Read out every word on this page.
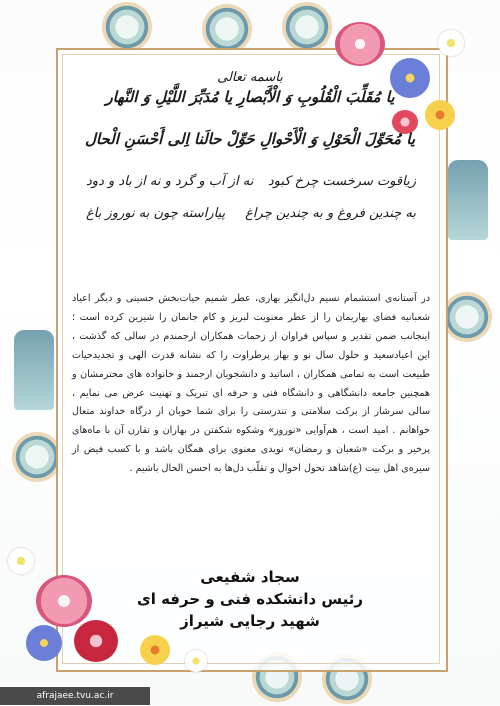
باسمه تعالی
یا مُقَلِّبَ الْقُلُوبِ وَ الْأَبْصارِ یا مُدَبِّرَ اللَّیْلِ وَ النَّهار
یا مُحَوِّلَ الْحَوْلِ وَ الْأَحْوالِ حَوِّلْ حالَنا اِلی أَحْسَنِ الْحال
زیاقوت سرخست چرخ کبود
نه از آب و گرد و نه از باد و دود
به چندین فروغ و به چندین چراغ
پیاراسته چون به نوروز باغ
در آستانه‌ی استشمام نسیم دل‌انگیز بهاری، عطر شمیم حیات‌بخش حسینی و دیگر اعیاد شعبانیه فضای بهاریمان را از عطر معنویت لبریز و کام جانمان را شیرین کرده است ؛ اینجانب ضمن تقدیر و سپاس فراوان از زحمات همکاران ارجمندم در سالی که گذشت ، این اعیادسعید و حلول سال نو و بهار پرطراوت را که نشانه قدرت الهی و تجدیدحیات طبیعت است به تمامی همکاران ، اساتید و دانشجویان ارجمند و خانواده های محترمشان و همچنین جامعه دانشگاهی و دانشگاه فنی و حرفه ای تبریک و تهنیت عرض می نمایم ، سالی سرشار از برکت سلامتی و تندرستی را برای شما خوبان از درگاه خداوند متعال خواهانم . امید است ، هم‌آوایی «نوروز» وشکوه شکفتن در بهاران و تقارن آن با ماه‌های پرخیر و برکت «شعبان و رمضان» نویدی معنوی برای همگان باشد و با کسب فیض از سیره‌ی اهل بیت (ع)شاهد تحول احوال و تقلّب دل‌ها به احسن الحال باشیم .
سجاد شفیعی
رئیس دانشکده فنی و حرفه ای
شهید رجایی شیراز
afrajaee.tvu.ac.ir
